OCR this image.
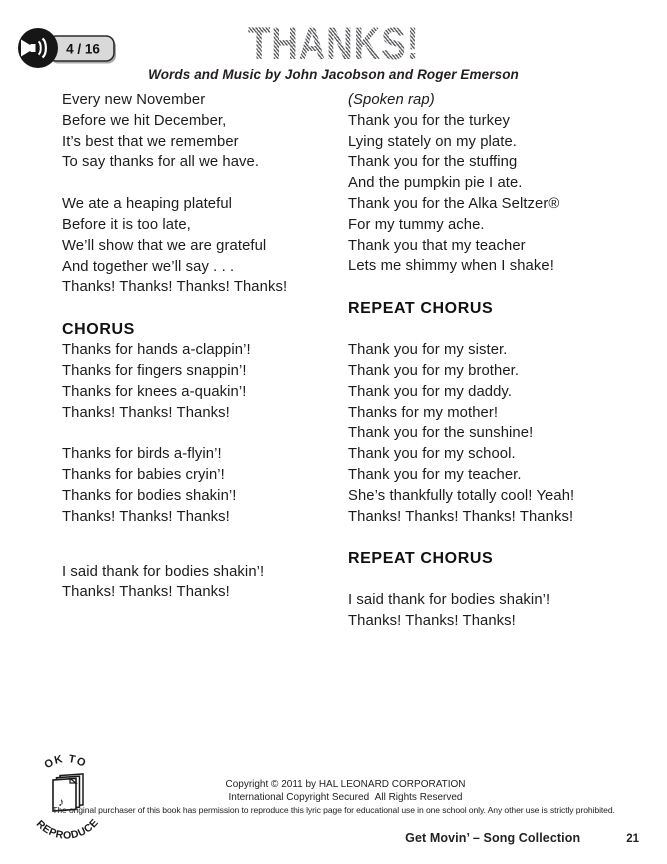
4 / 16	THANKS!
Words and Music by John Jacobson and Roger Emerson
Every new November
Before we hit December,
It’s best that we remember
To say thanks for all we have.
We ate a heaping plateful
Before it is too late,
We’ll show that we are grateful
And together we’ll say . . .
Thanks! Thanks! Thanks! Thanks!
CHORUS
Thanks for hands a-clappin’!
Thanks for fingers snappin’!
Thanks for knees a-quakin’!
Thanks! Thanks! Thanks!
Thanks for birds a-flyin’!
Thanks for babies cryin’!
Thanks for bodies shakin’!
Thanks! Thanks! Thanks!
I said thank for bodies shakin’!
Thanks! Thanks! Thanks!
(Spoken rap)
Thank you for the turkey
Lying stately on my plate.
Thank you for the stuffing
And the pumpkin pie I ate.
Thank you for the Alka Seltzer®
For my tummy ache.
Thank you that my teacher
Lets me shimmy when I shake!
REPEAT CHORUS
Thank you for my sister.
Thank you for my brother.
Thank you for my daddy.
Thanks for my mother!
Thank you for the sunshine!
Thank you for my school.
Thank you for my teacher.
She’s thankfully totally cool! Yeah!
Thanks! Thanks! Thanks! Thanks!
REPEAT CHORUS
I said thank for bodies shakin’!
Thanks! Thanks! Thanks!
OK TO
♪
REPRODUCE
Copyright © 2011 by HAL LEONARD CORPORATION
International Copyright Secured  All Rights Reserved
The original purchaser of this book has permission to reproduce this lyric page for educational use in one school only. Any other use is strictly prohibited.
Get Movin’ – Song Collection	21
